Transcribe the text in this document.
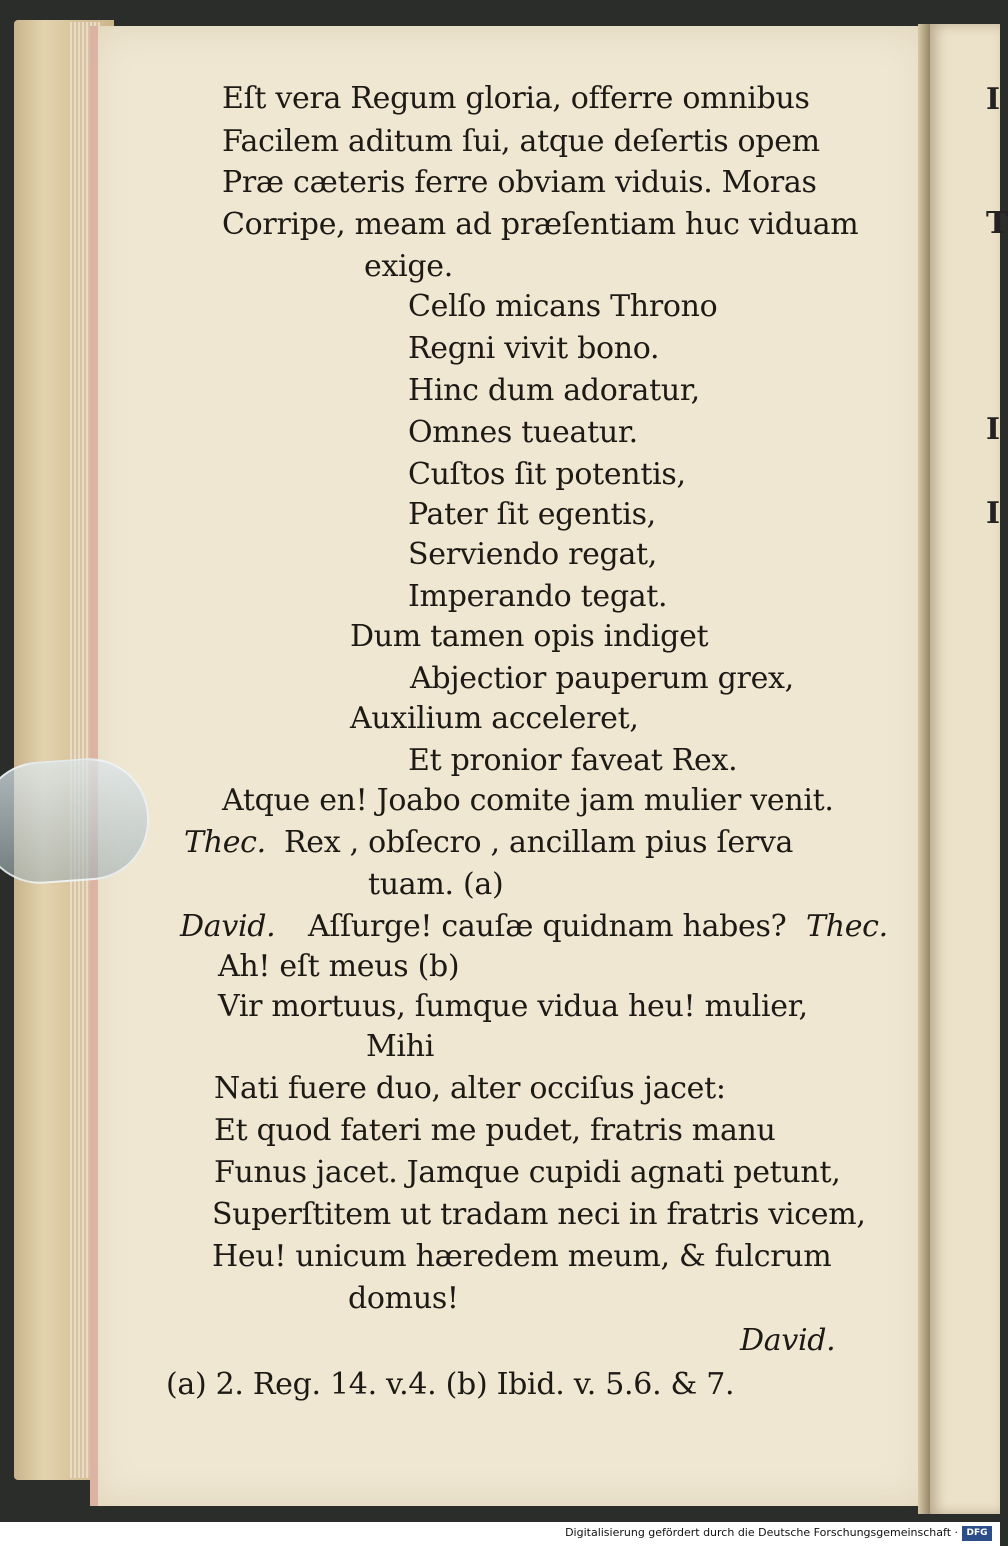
I
T
I
I
Eſt vera Regum gloria, offerre omnibus
Facilem aditum ſui, atque deſertis opem
Præ cæteris ferre obviam viduis. Moras
Corripe, meam ad præſentiam huc viduam
exige.
Celſo micans Throno
Regni vivit bono.
Hinc dum adoratur,
Omnes tueatur.
Cuſtos ſit potentis,
Pater ſit egentis,
Serviendo regat,
Imperando tegat.
Dum tamen opis indiget
Abjectior pauperum grex,
Auxilium acceleret,
Et pronior faveat Rex.
Atque en! Joabo comite jam mulier venit.
Thec. Rex , obſecro , ancillam pius ſerva
tuam. (a)
David. Aſſurge! cauſæ quidnam habes? Thec.
Ah! eſt meus (b)
Vir mortuus, ſumque vidua heu! mulier,
Mihi
Nati fuere duo, alter occiſus jacet:
Et quod fateri me pudet, fratris manu
Funus jacet. Jamque cupidi agnati petunt,
Superſtitem ut tradam neci in fratris vicem,
Heu! unicum hæredem meum, & fulcrum
domus!
David.
(a) 2. Reg. 14. v.4. (b) Ibid. v. 5.6. & 7.
Digitalisierung gefördert durch die Deutsche Forschungsgemeinschaft · DFG
